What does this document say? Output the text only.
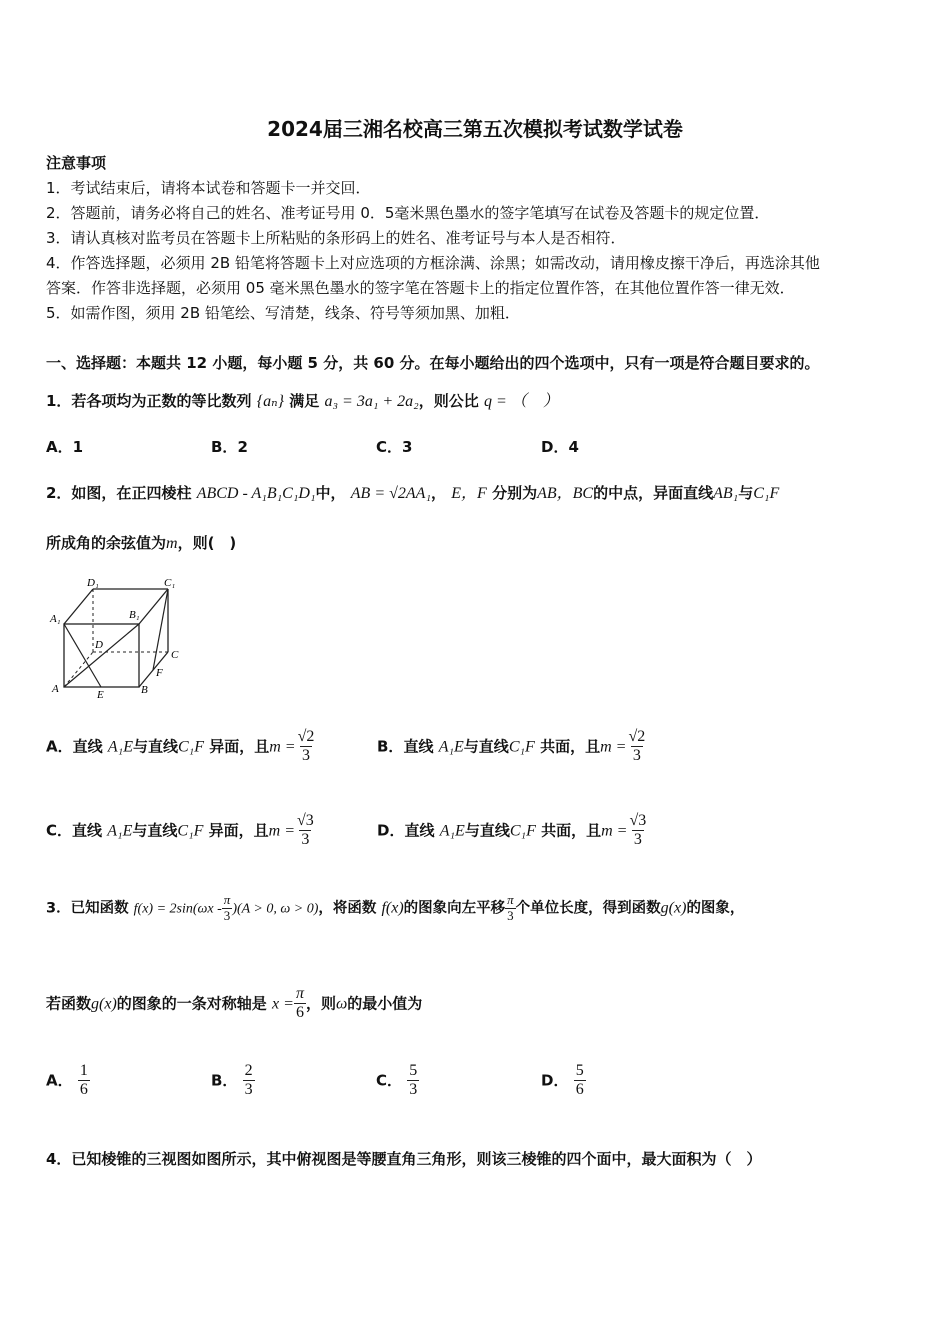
2024届三湘名校高三第五次模拟考试数学试卷
注意事项
1．考试结束后，请将本试卷和答题卡一并交回．
2．答题前，请务必将自己的姓名、准考证号用 0．5毫米黑色墨水的签字笔填写在试卷及答题卡的规定位置．
3．请认真核对监考员在答题卡上所粘贴的条形码上的姓名、准考证号与本人是否相符．
4．作答选择题，必须用 2B 铅笔将答题卡上对应选项的方框涂满、涂黑；如需改动，请用橡皮擦干净后，再选涂其他
答案．作答非选择题，必须用 05 毫米黑色墨水的签字笔在答题卡上的指定位置作答，在其他位置作答一律无效．
5．如需作图，须用 2B 铅笔绘、写清楚，线条、符号等须加黑、加粗．
一、选择题：本题共 12 小题，每小题 5 分，共 60 分。在每小题给出的四个选项中，只有一项是符合题目要求的。
1．若各项均为正数的等比数列 {aₙ} 满足 a₃ = 3a₁ + 2a₂，则公比 q = （　）
A．1	B．2	C．3	D．4
2．如图，在正四棱柱 ABCD - A₁B₁C₁D₁中， AB = √2AA₁， E，F 分别为AB，BC的中点，异面直线AB₁与C₁F
所成角的余弦值为m，则(　)
D₁	C₁
A₁	B₁
D
C
F
A	E	B
A．直线 A₁E与直线C₁F 异面，且$m = \frac{√2}{3}$	B．直线 A₁E与直线C₁F 共面，且$m = \frac{√2}{3}$
C．直线 A₁E与直线C₁F 异面，且$m = \frac{√3}{3}$	D．直线 A₁E与直线C₁F 共面，且$m = \frac{√3}{3}$
3．已知函数 $f(x) = 2\sin(\omega x - \frac{\pi}{3} )(A > 0$, ω > 0)，将函数 f(x)的图象向左平移 $\frac{\pi}{3}$ 个单位长度，得到函数g(x)的图象，
若函数g(x)的图象的一条对称轴是 $x = \frac{\pi}{6}$ ，则ω的最小值为
A． $\frac{1}{6}$	B． $\frac{2}{3}$	C． $\frac{5}{3}$	D． $\frac{5}{6}$
4．已知棱锥的三视图如图所示，其中俯视图是等腰直角三角形，则该三棱锥的四个面中，最大面积为（　）
